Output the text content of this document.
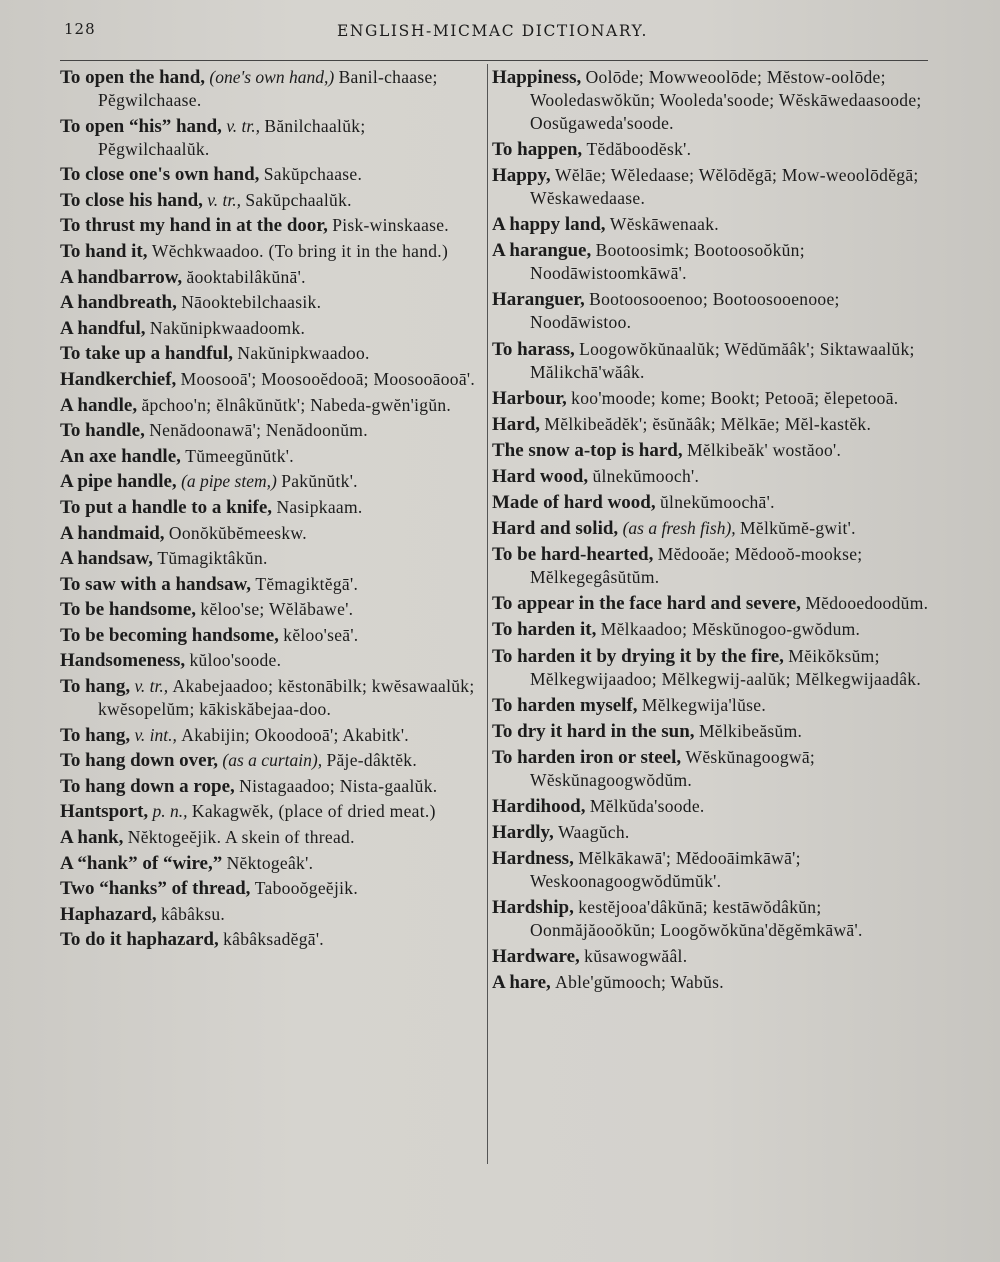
128	ENGLISH-MICMAC DICTIONARY.
To open the hand, (one's own hand,) Banil-chaase; Pĕgwilchaase.
To open “his” hand, v. tr., Bănilchaalŭk; Pĕgwilchaalŭk.
To close one's own hand, Sakŭpchaase.
To close his hand, v. tr., Sakŭpchaalŭk.
To thrust my hand in at the door, Pisk-winskaase.
To hand it, Wĕchkwaadoo. (To bring it in the hand.)
A handbarrow, ăooktabilâkŭnā'.
A handbreath, Nāooktebilchaasik.
A handful, Nakŭnipkwaadoomk.
To take up a handful, Nakŭnipkwaadoo.
Handkerchief, Moosooā'; Moosooĕdooā; Moosooāooā'.
A handle, ăpchoo'n; ĕlnâkŭnŭtk'; Nabeda-gwĕn'igŭn.
To handle, Nenădoonawā'; Nenădoonŭm.
An axe handle, Tŭmeegŭnŭtk'.
A pipe handle, (a pipe stem,) Pakŭnŭtk'.
To put a handle to a knife, Nasipkaam.
A handmaid, Oonŏkŭbĕmeeskw.
A handsaw, Tŭmagiktâkŭn.
To saw with a handsaw, Tĕmagiktĕgā'.
To be handsome, kĕloo'se; Wĕlăbawe'.
To be becoming handsome, kĕloo'seā'.
Handsomeness, kŭloo'soode.
To hang, v. tr., Akabejaadoo; kĕstonābilk; kwĕsawaalŭk; kwĕsopelŭm; kākiskăbejaa-doo.
To hang, v. int., Akabijin; Okoodooā'; Akabitk'.
To hang down over, (as a curtain), Păje-dâktĕk.
To hang down a rope, Nistagaadoo; Nista-gaalŭk.
Hantsport, p. n., Kakagwĕk, (place of dried meat.)
A hank, Nĕktogeĕjik. A skein of thread.
A “hank” of “wire,” Nĕktogeâk'.
Two “hanks” of thread, Tabooŏgeĕjik.
Haphazard, kâbâksu.
To do it haphazard, kâbâksadĕgā'.
Happiness, Oolōde; Mowweoolōde; Mĕstow-oolōde; Wooledaswŏkŭn; Wooleda'soode; Wĕskāwedaasoode; Oosŭgaweda'soode.
To happen, Tĕdăboodĕsk'.
Happy, Wĕlāe; Wĕledaase; Wĕlōdĕgā; Mow-weoolōdĕgā; Wĕskawedaase.
A happy land, Wĕskāwenaak.
A harangue, Bootoosimk; Bootoosoŏkŭn; Noodāwistoomkāwā'.
Haranguer, Bootoosooenoo; Bootoosooenooe; Noodāwistoo.
To harass, Loogowŏkŭnaalŭk; Wĕdŭmăâk'; Siktawaalŭk; Mălikchā'wăâk.
Harbour, koo'moode; kome; Bookt; Petooā; ĕlepetooā.
Hard, Mĕlkibeădĕk'; ĕsŭnăâk; Mĕlkāe; Mĕl-kastĕk.
The snow a-top is hard, Mĕlkibeăk' wostăoo'.
Hard wood, ŭlnekŭmooch'.
Made of hard wood, ŭlnekŭmoochā'.
Hard and solid, (as a fresh fish), Mĕlkŭmĕ-gwit'.
To be hard-hearted, Mĕdooăe; Mĕdooŏ-mookse; Mĕlkegegâsŭtŭm.
To appear in the face hard and severe, Mĕdooedoodŭm.
To harden it, Mĕlkaadoo; Mĕskŭnogoo-gwŏdum.
To harden it by drying it by the fire, Mĕikŏksŭm; Mĕlkegwijaadoo; Mĕlkegwij-aalŭk; Mĕlkegwijaadâk.
To harden myself, Mĕlkegwija'lŭse.
To dry it hard in the sun, Mĕlkibeăsŭm.
To harden iron or steel, Wĕskŭnagoogwā; Wĕskŭnagoogwŏdŭm.
Hardihood, Mĕlkŭda'soode.
Hardly, Waagŭch.
Hardness, Mĕlkākawā'; Mĕdooāimkāwā'; Weskoonagoogwŏdŭmŭk'.
Hardship, kestĕjooa'dâkŭnā; kestāwŏdâkŭn; Oonmăjăooŏkŭn; Loogŏwŏkŭna'dĕgĕmkāwā'.
Hardware, kŭsawogwăâl.
A hare, Able'gŭmooch; Wabŭs.
